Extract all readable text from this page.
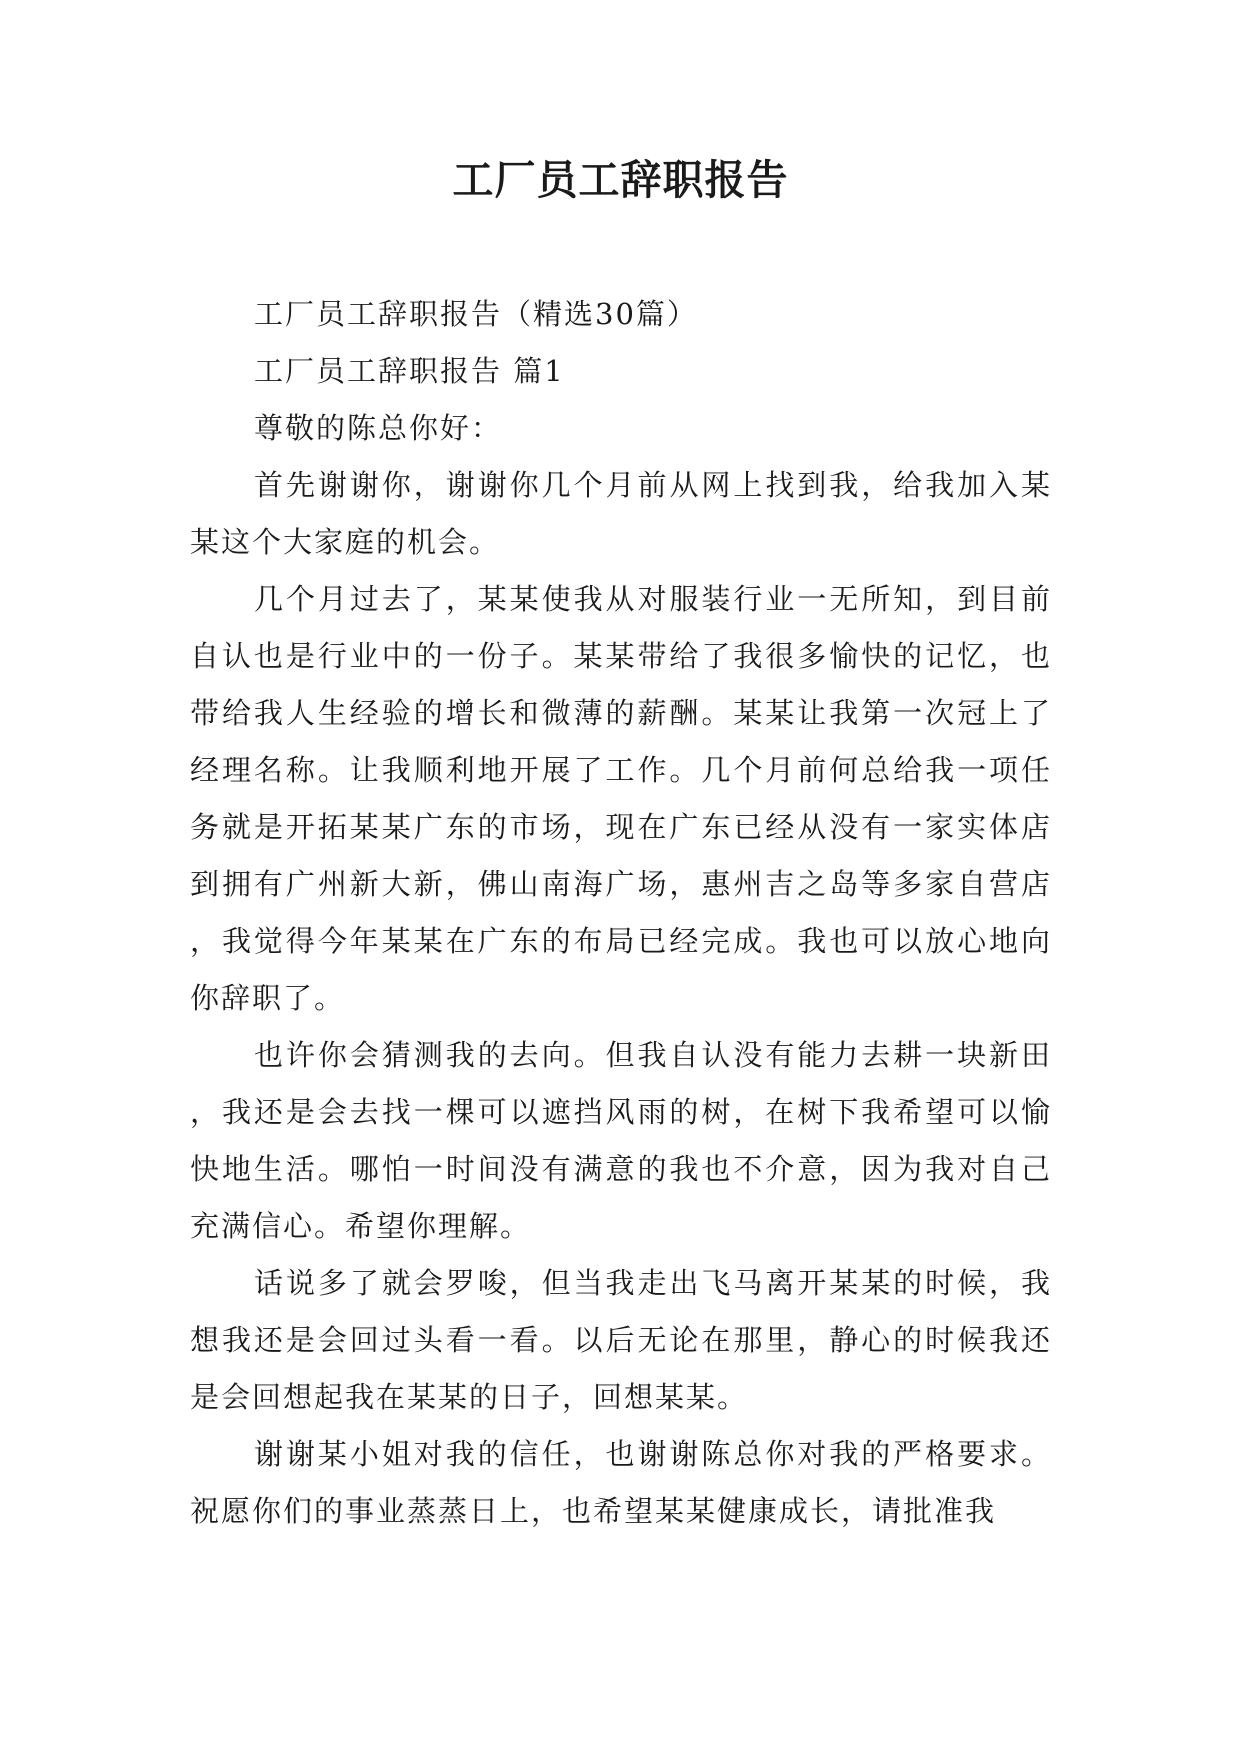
工厂员工辞职报告

工厂员工辞职报告（精选30篇）

工厂员工辞职报告 篇1

尊敬的陈总你好：

首先谢谢你，谢谢你几个月前从网上找到我，给我加入某某这个大家庭的机会。

几个月过去了，某某使我从对服装行业一无所知，到目前自认也是行业中的一份子。某某带给了我很多愉快的记忆，也带给我人生经验的增长和微薄的薪酬。某某让我第一次冠上了经理名称。让我顺利地开展了工作。几个月前何总给我一项任务就是开拓某某广东的市场，现在广东已经从没有一家实体店到拥有广州新大新，佛山南海广场，惠州吉之岛等多家自营店，我觉得今年某某在广东的布局已经完成。我也可以放心地向你辞职了。

也许你会猜测我的去向。但我自认没有能力去耕一块新田，我还是会去找一棵可以遮挡风雨的树，在树下我希望可以愉快地生活。哪怕一时间没有满意的我也不介意，因为我对自己充满信心。希望你理解。

话说多了就会罗唆，但当我走出飞马离开某某的时候，我想我还是会回过头看一看。以后无论在那里，静心的时候我还是会回想起我在某某的日子，回想某某。

谢谢某小姐对我的信任，也谢谢陈总你对我的严格要求。祝愿你们的事业蒸蒸日上，也希望某某健康成长，请批准我
